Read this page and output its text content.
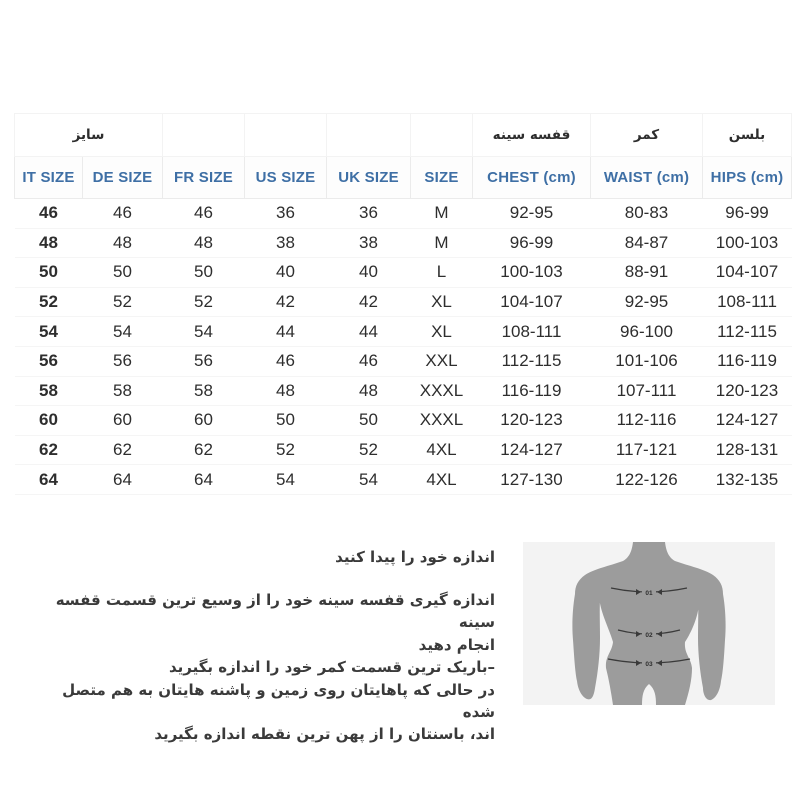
سایز						قفسه سینه	کمر	بلسن
IT SIZE	DE SIZE	FR SIZE	US SIZE	UK SIZE	SIZE	CHEST (cm)	WAIST (cm)	HIPS (cm)
46	46	46	36	36	M	92-95	80-83	96-99
48	48	48	38	38	M	96-99	84-87	100-103
50	50	50	40	40	L	100-103	88-91	104-107
52	52	52	42	42	XL	104-107	92-95	108-111
54	54	54	44	44	XL	108-111	96-100	112-115
56	56	56	46	46	XXL	112-115	101-106	116-119
58	58	58	48	48	XXXL	116-119	107-111	120-123
60	60	60	50	50	XXXL	120-123	112-116	124-127
62	62	62	52	52	4XL	124-127	117-121	128-131
64	64	64	54	54	4XL	127-130	122-126	132-135
اندازه خود را پیدا کنید
اندازه گیری قفسه سینه خود را از وسیع ترین قسمت قفسه سینه
انجام دهید
–باریک ترین قسمت کمر خود را اندازه بگیرید
در حالی که پاهایتان روی زمین و پاشنه هایتان به هم متصل شده
اند، باسنتان را از پهن ترین نقطه اندازه بگیرید
01
02
03
